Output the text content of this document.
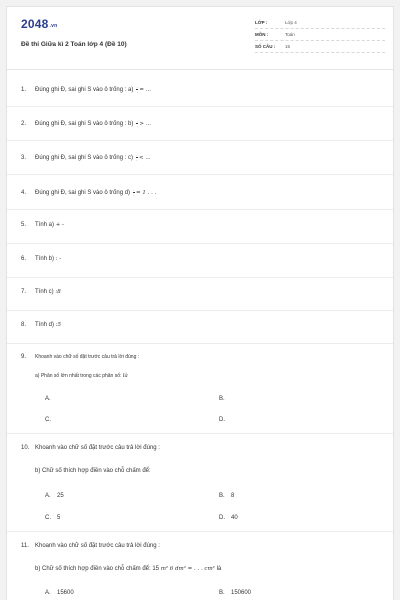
$2048^{.vn}$
Đề thi Giữa kì 2 Toán lớp 4 (Đề 10)
LỚP :	Lớp 4
MÔN :	Toán
SỐ CÂU :	15
1. Đúng ghi Đ, sai ghi S vào ô trống : $a) \frac{.}{.}$ = ...
2. Đúng ghi Đ, sai ghi S vào ô trống : $b) \frac{.}{.}$ > ...
3. Đúng ghi Đ, sai ghi S vào ô trống : $c) \frac{.}{.}$ < ...
4. Đúng ghi Đ, sai ghi S vào ô trống $d) \frac{.}{.} = 1$ . . .
5. Tính a) + -
6. Tính b) : -
7. Tính c) :8
8. Tính d) :5
9. Khoanh vào chữ số đặt trước câu trả lời đúng :
a) Phân số lớn nhất trong các phân số: là
A.	B.
C.	D.
10. Khoanh vào chữ số đặt trước câu trả lời đúng :
b) Chữ số thích hợp điền vào chỗ chấm để:
A. 25	B. 8
C. 5	D. 40
11. Khoanh vào chữ số đặt trước câu trả lời đúng :
b) Chữ số thích hợp điền vào chỗ chấm để: 15 m² 6 dm² = . . . cm² là
A. 15600	B. 150600
